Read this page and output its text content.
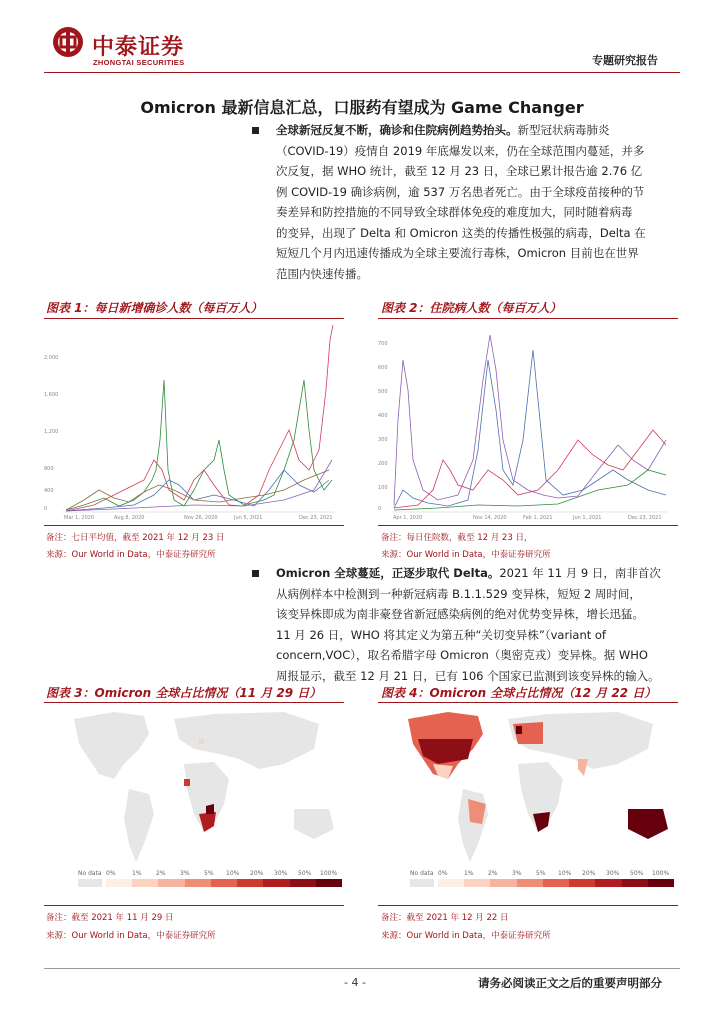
中泰证券
ZHONGTAI SECURITIES	专题研究报告
Omicron 最新信息汇总，口服药有望成为 Game Changer
全球新冠反复不断，确诊和住院病例趋势抬头。新型冠状病毒肺炎
（COVID-19）疫情自 2019 年底爆发以来，仍在全球范围内蔓延，并多
次反复，据 WHO 统计，截至 12 月 23 日，全球已累计报告逾 2.76 亿
例 COVID-19 确诊病例，逾 537 万名患者死亡。由于全球疫苗接种的节
奏差异和防控措施的不同导致全球群体免疫的难度加大，同时随着病毒
的变异，出现了 Delta 和 Omicron 这类的传播性极强的病毒，Delta 在
短短几个月内迅速传播成为全球主要流行毒株，Omicron 目前也在世界
范围内快速传播。
图表 1：每日新增确诊人数（每百万人）
2,000
1,600
1,200
800
400
0
Mar 1, 2020	Aug 8, 2020	Nov 26, 2020	Jun 5, 2021	Dec 23, 2021
备注：七日平均值，截至 2021 年 12 月 23 日
来源：Our World in Data，中泰证券研究所
图表 2：住院病人数（每百万人）
700
600
500
400
300
200
100
0
Apr 1, 2020	Nov 14, 2020	Feb 1, 2021	Jun 1, 2021	Dec 23, 2021
备注：每日住院数，截至 12 月 23 日，
来源：Our World in Data，中泰证券研究所
Omicron 全球蔓延，正逐步取代 Delta。2021 年 11 月 9 日，南非首次
从病例样本中检测到一种新冠病毒 B.1.1.529 变异株，短短 2 周时间，
该变异株即成为南非豪登省新冠感染病例的绝对优势变异株，增长迅猛。
11 月 26 日，WHO 将其定义为第五种“关切变异株”（variant of
concern,VOC），取名希腊字母 Omicron（奥密克戎）变异株。据 WHO
周报显示，截至 12 月 21 日，已有 106 个国家已监测到该变异株的输入。
图表 3：Omicron 全球占比情况（11 月 29 日）
No data 0%	1% 2% 3% 5% 10% 20% 30% 50% 100%
备注：截至 2021 年 11 月 29 日
来源：Our World in Data，中泰证券研究所
图表 4：Omicron 全球占比情况（12 月 22 日）
No data 0%	1% 2% 3% 5% 10% 20% 30% 50% 100%
备注：截至 2021 年 12 月 22 日
来源：Our World in Data，中泰证券研究所
- 4 -	请务必阅读正文之后的重要声明部分
